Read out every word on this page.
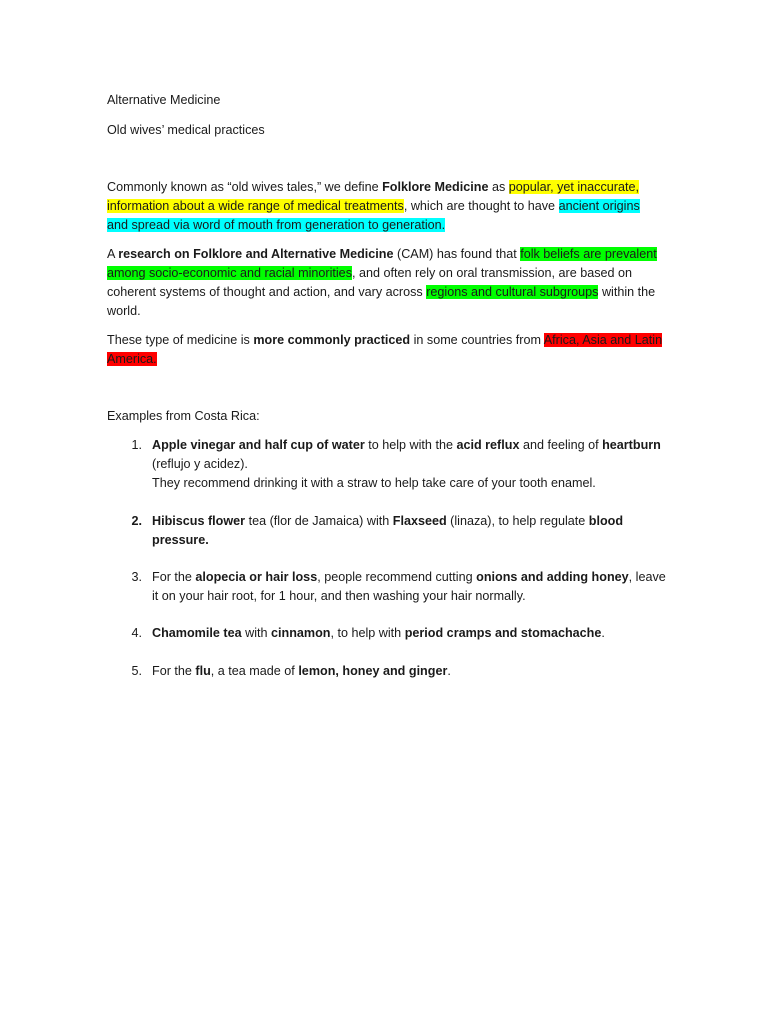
Alternative Medicine
Old wives’ medical practices
Commonly known as “old wives tales,” we define Folklore Medicine as popular, yet inaccurate,
information about a wide range of medical treatments, which are thought to have ancient origins
and spread via word of mouth from generation to generation.
A research on Folklore and Alternative Medicine (CAM) has found that folk beliefs are prevalent
among socio-economic and racial minorities, and often rely on oral transmission, are based on
coherent systems of thought and action, and vary across regions and cultural subgroups within the
world.
These type of medicine is more commonly practiced in some countries from Africa, Asia and Latin
America.
Examples from Costa Rica:
1. Apple vinegar and half cup of water to help with the acid reflux and feeling of heartburn
(reflujo y acidez).
They recommend drinking it with a straw to help take care of your tooth enamel.
2. Hibiscus flower tea (flor de Jamaica) with Flaxseed (linaza), to help regulate blood
pressure.
3. For the alopecia or hair loss, people recommend cutting onions and adding honey, leave
it on your hair root, for 1 hour, and then washing your hair normally.
4. Chamomile tea with cinnamon, to help with period cramps and stomachache.
5. For the flu, a tea made of lemon, honey and ginger.
